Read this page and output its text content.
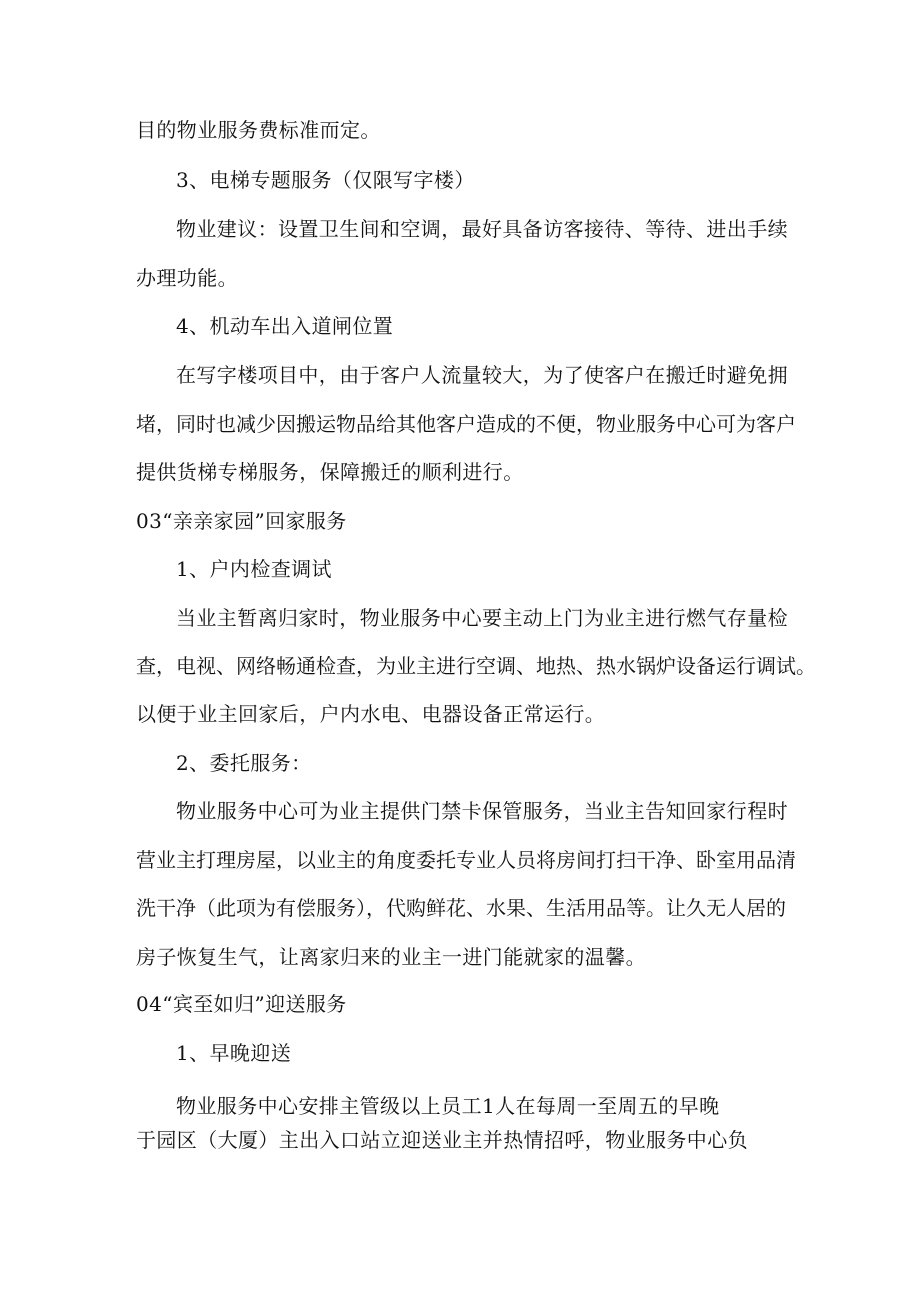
目的物业服务费标准而定。
3、电梯专题服务（仅限写字楼）
物业建议：设置卫生间和空调，最好具备访客接待、等待、进出手续
办理功能。
4、机动车出入道闸位置
在写字楼项目中，由于客户人流量较大，为了使客户在搬迁时避免拥
堵，同时也减少因搬运物品给其他客户造成的不便，物业服务中心可为客户
提供货梯专梯服务，保障搬迁的顺利进行。
03“亲亲家园”回家服务
1、户内检查调试
当业主暂离归家时，物业服务中心要主动上门为业主进行燃气存量检
查，电视、网络畅通检查，为业主进行空调、地热、热水锅炉设备运行调试。
以便于业主回家后，户内水电、电器设备正常运行。
2、委托服务：
物业服务中心可为业主提供门禁卡保管服务，当业主告知回家行程时
营业主打理房屋，以业主的角度委托专业人员将房间打扫干净、卧室用品清
洗干净（此项为有偿服务），代购鲜花、水果、生活用品等。让久无人居的
房子恢复生气，让离家归来的业主一进门能就家的温馨。
04“宾至如归”迎送服务
1、早晚迎送
物业服务中心安排主管级以上员工1人在每周一至周五的早晚
于园区（大厦）主出入口站立迎送业主并热情招呼，物业服务中心负
